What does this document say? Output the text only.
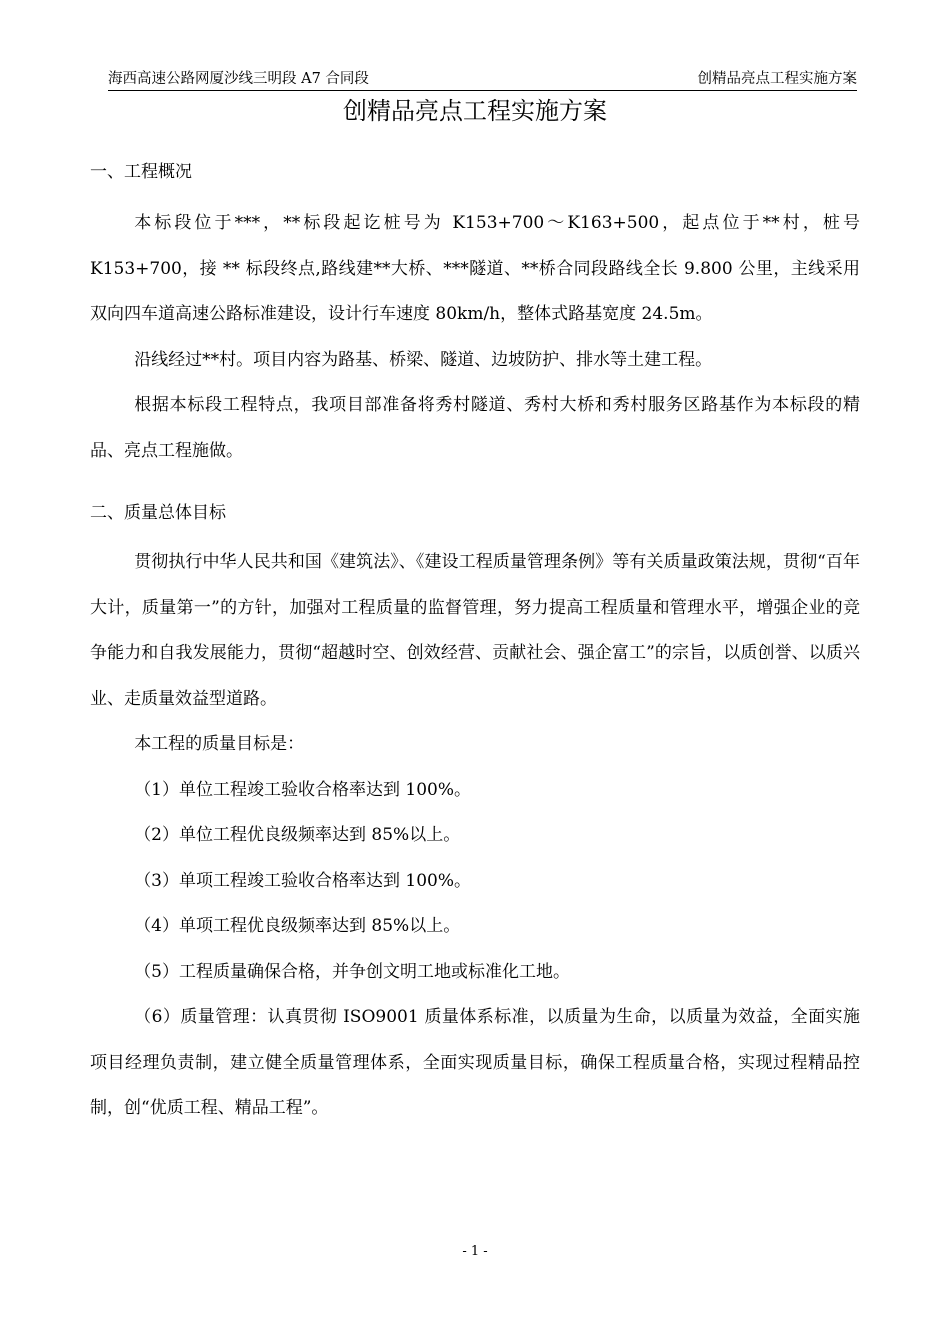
海西高速公路网厦沙线三明段 A7 合同段	创精品亮点工程实施方案
创精品亮点工程实施方案

一、工程概况

本标段位于***，**标段起讫桩号为 K153+700～K163+500，起点位于**村，桩号 K153+700，接 ** 标段终点,路线建**大桥、***隧道、**桥合同段路线全长 9.800 公里，主线采用双向四车道高速公路标准建设，设计行车速度 80km/h，整体式路基宽度 24.5m。

沿线经过**村。项目内容为路基、桥梁、隧道、边坡防护、排水等土建工程。

根据本标段工程特点，我项目部准备将秀村隧道、秀村大桥和秀村服务区路基作为本标段的精品、亮点工程施做。

二、质量总体目标

贯彻执行中华人民共和国《建筑法》、《建设工程质量管理条例》等有关质量政策法规，贯彻“百年大计，质量第一”的方针，加强对工程质量的监督管理，努力提高工程质量和管理水平，增强企业的竞争能力和自我发展能力，贯彻“超越时空、创效经营、贡献社会、强企富工”的宗旨，以质创誉、以质兴业、走质量效益型道路。

本工程的质量目标是：

（1）单位工程竣工验收合格率达到 100%。

（2）单位工程优良级频率达到 85%以上。

（3）单项工程竣工验收合格率达到 100%。

（4）单项工程优良级频率达到 85%以上。

（5）工程质量确保合格，并争创文明工地或标准化工地。

（6）质量管理：认真贯彻 ISO9001 质量体系标准，以质量为生命，以质量为效益，全面实施项目经理负责制，建立健全质量管理体系，全面实现质量目标，确保工程质量合格，实现过程精品控制，创“优质工程、精品工程”。

- 1 -
